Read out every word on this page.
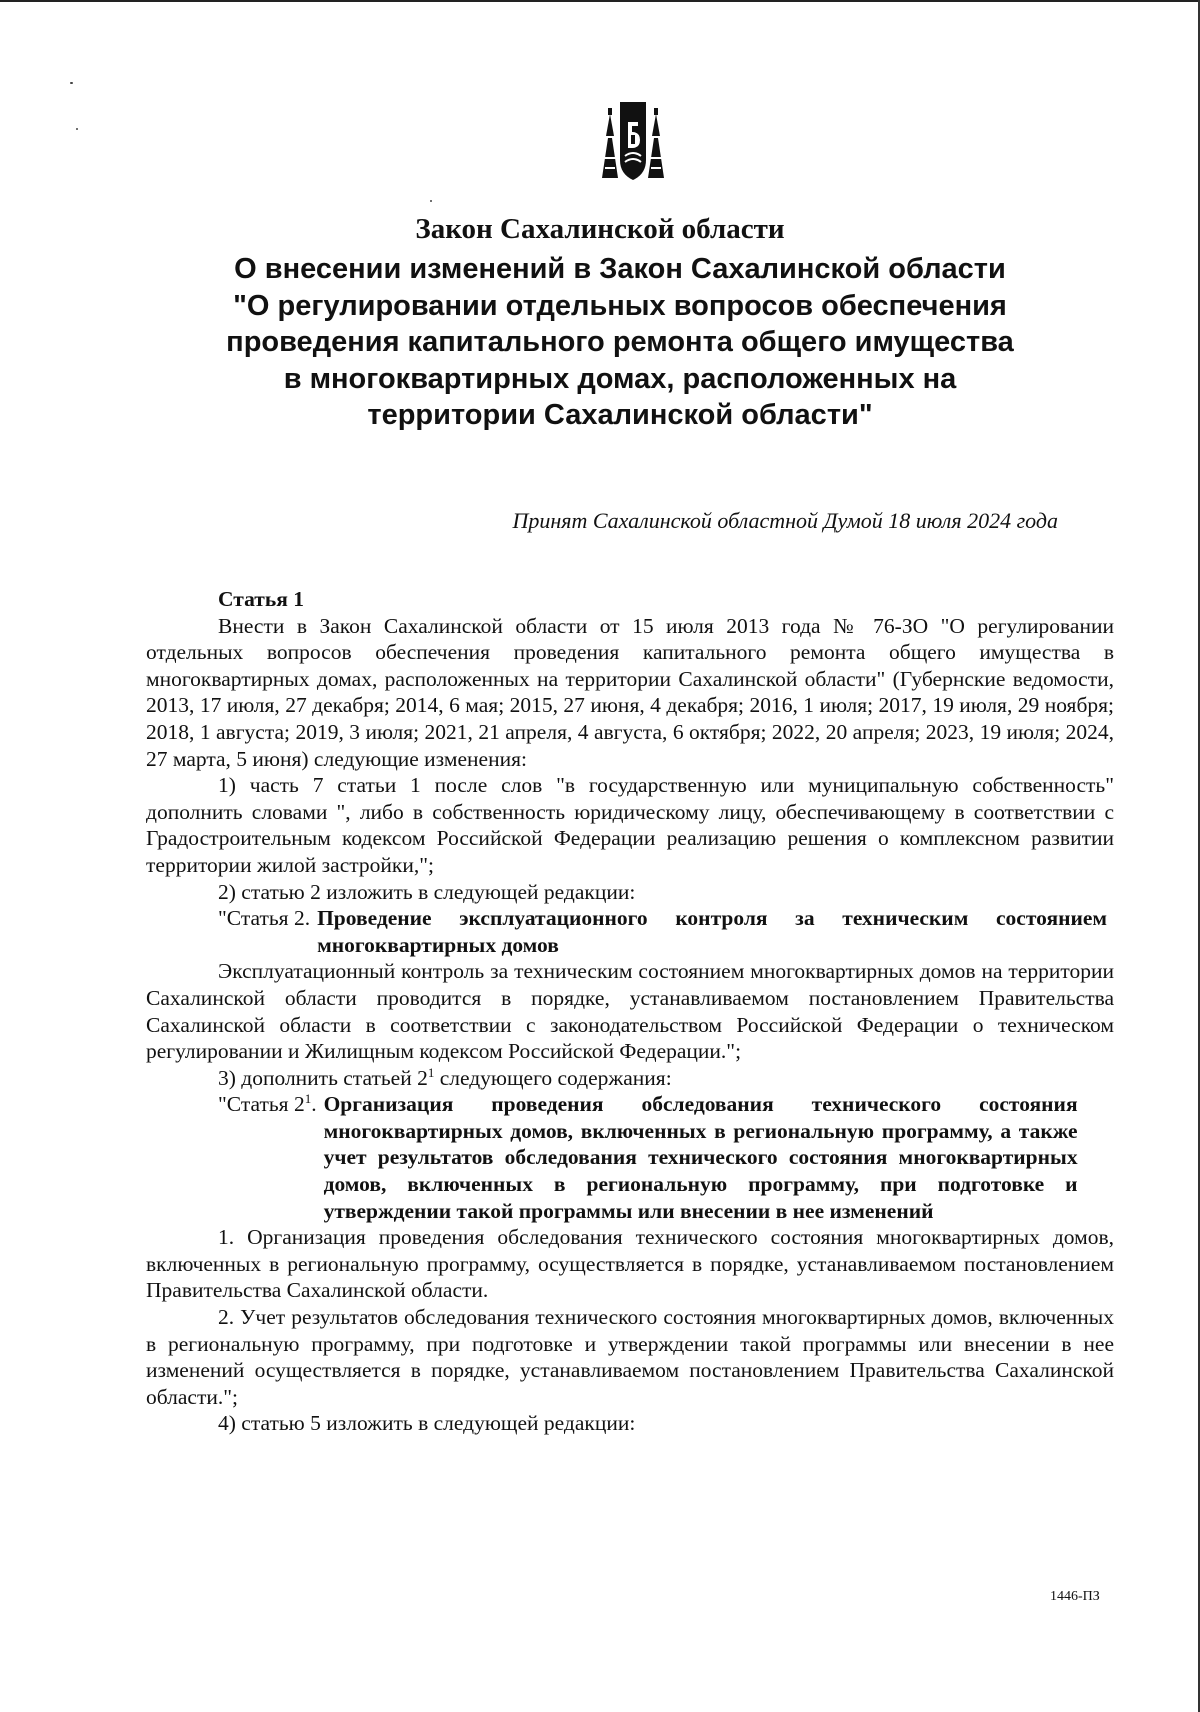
Закон Сахалинской области
О внесении изменений в Закон Сахалинской области "О регулировании отдельных вопросов обеспечения проведения капитального ремонта общего имущества в многоквартирных домах, расположенных на территории Сахалинской области"
Принят Сахалинской областной Думой 18 июля 2024 года

Статья 1

Внести в Закон Сахалинской области от 15 июля 2013 года № 76-ЗО "О регулировании отдельных вопросов обеспечения проведения капитального ремонта общего имущества в многоквартирных домах, расположенных на территории Сахалинской области" (Губернские ведомости, 2013, 17 июля, 27 декабря; 2014, 6 мая; 2015, 27 июня, 4 декабря; 2016, 1 июля; 2017, 19 июля, 29 ноября; 2018, 1 августа; 2019, 3 июля; 2021, 21 апреля, 4 августа, 6 октября; 2022, 20 апреля; 2023, 19 июля; 2024, 27 марта, 5 июня) следующие изменения:

1) часть 7 статьи 1 после слов "в государственную или муниципальную собственность" дополнить словами ", либо в собственность юридическому лицу, обеспечивающему в соответствии с Градостроительным кодексом Российской Федерации реализацию решения о комплексном развитии территории жилой застройки,";

2) статью 2 изложить в следующей редакции:

"Статья 2. Проведение эксплуатационного контроля за техническим состоянием многоквартирных домов

Эксплуатационный контроль за техническим состоянием многоквартирных домов на территории Сахалинской области проводится в порядке, устанавливаемом постановлением Правительства Сахалинской области в соответствии с законодательством Российской Федерации о техническом регулировании и Жилищным кодексом Российской Федерации.";

3) дополнить статьей $2^1$ следующего содержания:

"Статья $2^1$. Организация проведения обследования технического состояния многоквартирных домов, включенных в региональную программу, а также учет результатов обследования технического состояния многоквартирных домов, включенных в региональную программу, при подготовке и утверждении такой программы или внесении в нее изменений

1. Организация проведения обследования технического состояния многоквартирных домов, включенных в региональную программу, осуществляется в порядке, устанавливаемом постановлением Правительства Сахалинской области.

2. Учет результатов обследования технического состояния многоквартирных домов, включенных в региональную программу, при подготовке и утверждении такой программы или внесении в нее изменений осуществляется в порядке, устанавливаемом постановлением Правительства Сахалинской области.";

4) статью 5 изложить в следующей редакции:

1446-ПЗ
